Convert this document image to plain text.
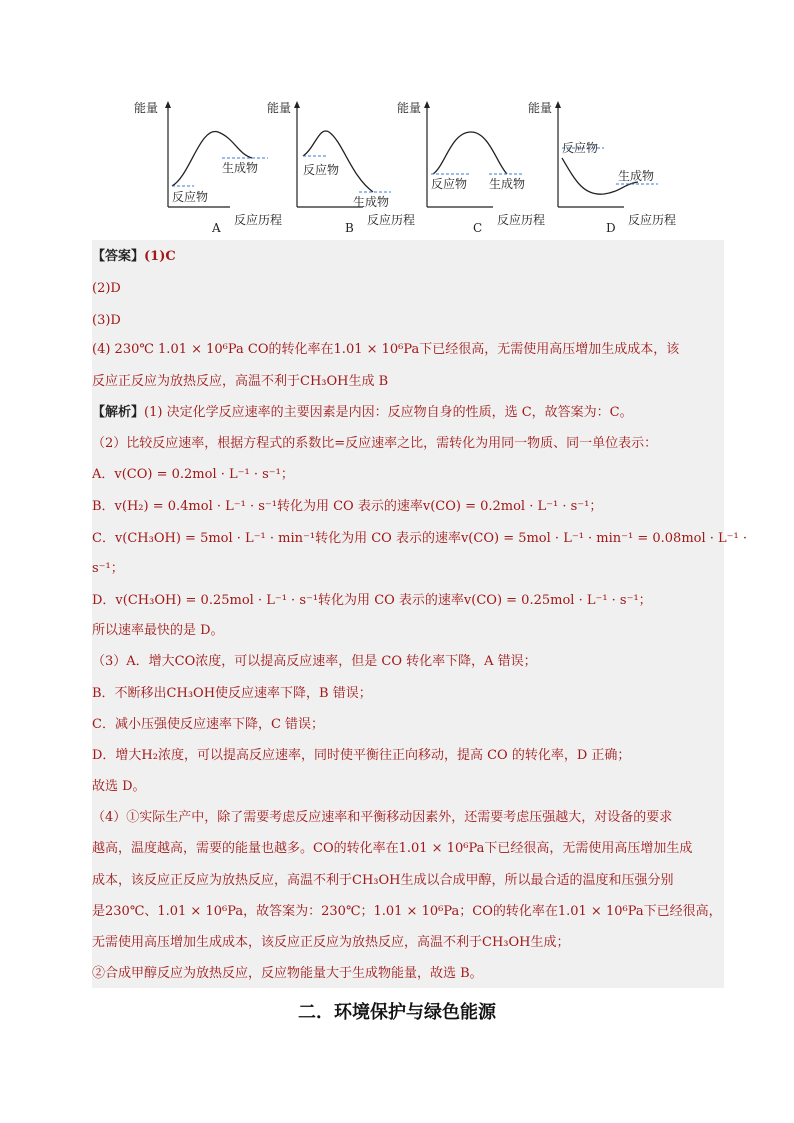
能量
反应物
生成物
反应历程
A
能量
反应物
生成物
反应历程
B
能量
反应物 生成物
反应历程
C
能量
反应物
生成物
反应历程
D
【答案】(1)C
(2)D
(3)D
(4) 230℃ 1.01 × 10⁶Pa CO的转化率在1.01 × 10⁶Pa下已经很高，无需使用高压增加生成成本，该
反应正反应为放热反应，高温不利于CH₃OH生成 B
【解析】(1) 决定化学反应速率的主要因素是内因：反应物自身的性质，选 C，故答案为：C。
（2）比较反应速率，根据方程式的系数比=反应速率之比，需转化为用同一物质、同一单位表示：
A．v(CO) = 0.2mol · L⁻¹ · s⁻¹；
B．v(H₂) = 0.4mol · L⁻¹ · s⁻¹转化为用 CO 表示的速率v(CO) = 0.2mol · L⁻¹ · s⁻¹；
C．v(CH₃OH) = 5mol · L⁻¹ · min⁻¹转化为用 CO 表示的速率v(CO) = 5mol · L⁻¹ · min⁻¹ = 0.08mol · L⁻¹ ·
s⁻¹；
D．v(CH₃OH) = 0.25mol · L⁻¹ · s⁻¹转化为用 CO 表示的速率v(CO) = 0.25mol · L⁻¹ · s⁻¹；
所以速率最快的是 D。
（3）A．增大CO浓度，可以提高反应速率，但是 CO 转化率下降，A 错误；
B．不断移出CH₃OH使反应速率下降，B 错误；
C．减小压强使反应速率下降，C 错误；
D．增大H₂浓度，可以提高反应速率，同时使平衡往正向移动，提高 CO 的转化率，D 正确；
故选 D。
（4）①实际生产中，除了需要考虑反应速率和平衡移动因素外，还需要考虑压强越大，对设备的要求
越高，温度越高，需要的能量也越多。CO的转化率在1.01 × 10⁶Pa下已经很高，无需使用高压增加生成
成本，该反应正反应为放热反应，高温不利于CH₃OH生成以合成甲醇，所以最合适的温度和压强分别
是230℃、1.01 × 10⁶Pa，故答案为：230℃；1.01 × 10⁶Pa；CO的转化率在1.01 × 10⁶Pa下已经很高，
无需使用高压增加生成成本，该反应正反应为放热反应，高温不利于CH₃OH生成；
②合成甲醇反应为放热反应，反应物能量大于生成物能量，故选 B。
二．环境保护与绿色能源
